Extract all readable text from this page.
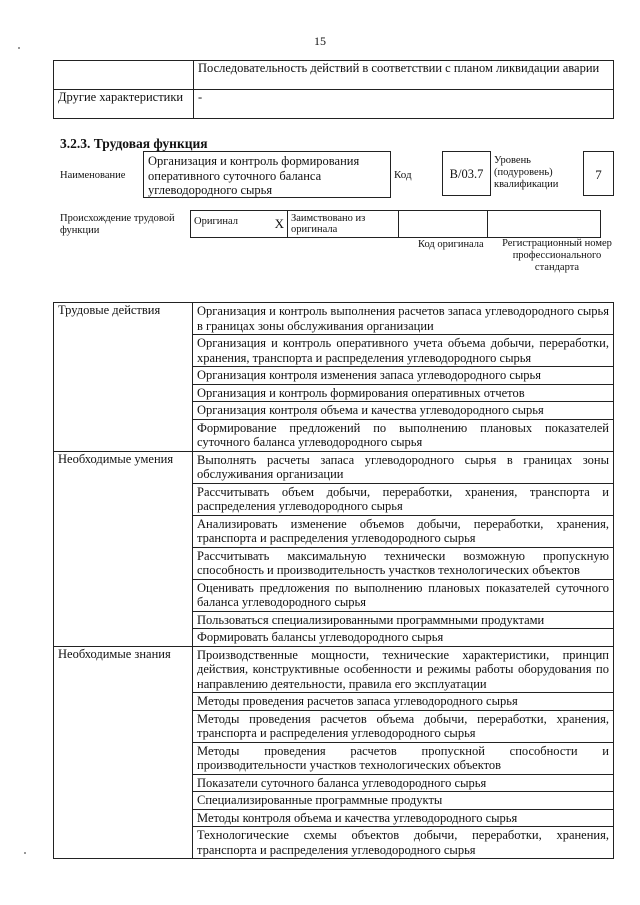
15
	Последовательность действий в соответствии с планом ликвидации аварии
Другие характеристики	-
3.2.3. Трудовая функция
Наименование
Организация и контроль формирования оперативного суточного баланса углеводородного сырья
Код	B/03.7
Уровень (подуровень) квалификации
7
Происхождение трудовой функции
Оригинал	X	Заимствовано из оригинала		
Код оригинала Регистрационный номер профессионального стандарта
Трудовые действия	Организация и контроль выполнения расчетов запаса углеводородного сырья в границах зоны обслуживания организации
	Организация и контроль оперативного учета объема добычи, переработки, хранения, транспорта и распределения углеводородного сырья
	Организация контроля изменения запаса углеводородного сырья
	Организация и контроль формирования оперативных отчетов
	Организация контроля объема и качества углеводородного сырья
	Формирование предложений по выполнению плановых показателей суточного баланса углеводородного сырья
Необходимые умения	Выполнять расчеты запаса углеводородного сырья в границах зоны обслуживания организации
	Рассчитывать объем добычи, переработки, хранения, транспорта и распределения углеводородного сырья
	Анализировать изменение объемов добычи, переработки, хранения, транспорта и распределения углеводородного сырья
	Рассчитывать максимальную технически возможную пропускную способность и производительность участков технологических объектов
	Оценивать предложения по выполнению плановых показателей суточного баланса углеводородного сырья
	Пользоваться специализированными программными продуктами
	Формировать балансы углеводородного сырья
Необходимые знания	Производственные мощности, технические характеристики, принцип действия, конструктивные особенности и режимы работы оборудования по направлению деятельности, правила его эксплуатации
	Методы проведения расчетов запаса углеводородного сырья
	Методы проведения расчетов объема добычи, переработки, хранения, транспорта и распределения углеводородного сырья
	Методы проведения расчетов пропускной способности и производительности участков технологических объектов
	Показатели суточного баланса углеводородного сырья
	Специализированные программные продукты
	Методы контроля объема и качества углеводородного сырья
	Технологические схемы объектов добычи, переработки, хранения, транспорта и распределения углеводородного сырья
